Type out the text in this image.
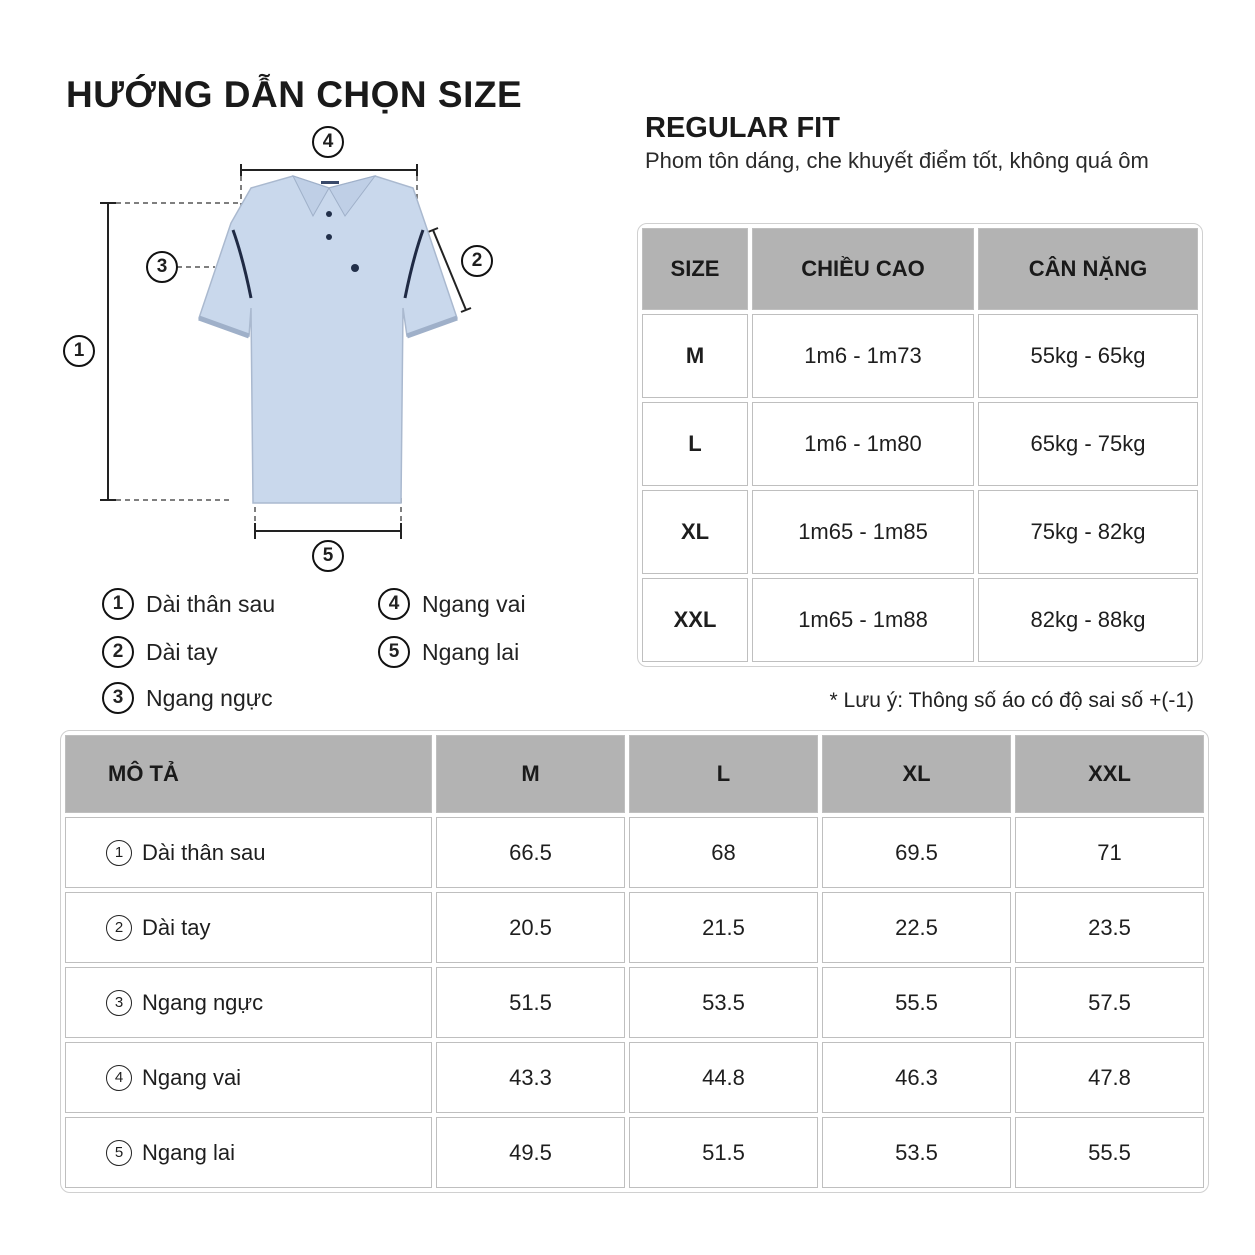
HƯỚNG DẪN CHỌN SIZE
REGULAR FIT
Phom tôn dáng, che khuyết điểm tốt, không quá ôm
1
2
3
4
5
1 Dài thân sau
2 Dài tay
3 Ngang ngực
4 Ngang vai
5 Ngang lai
SIZE	CHIỀU CAO	CÂN NẶNG
M	1m6 - 1m73	55kg - 65kg
L	1m6 - 1m80	65kg - 75kg
XL	1m65 - 1m85	75kg - 82kg
XXL	1m65 - 1m88	82kg - 88kg
* Lưu ý: Thông số áo có độ sai số +(-1)
MÔ TẢ	M	L	XL	XXL

1 Dài thân sau	66.5	68	69.5	71

2 Dài tay	20.5	21.5	22.5	23.5

3 Ngang ngực	51.5	53.5	55.5	57.5

4 Ngang vai	43.3	44.8	46.3	47.8

5 Ngang lai	49.5	51.5	53.5	55.5
